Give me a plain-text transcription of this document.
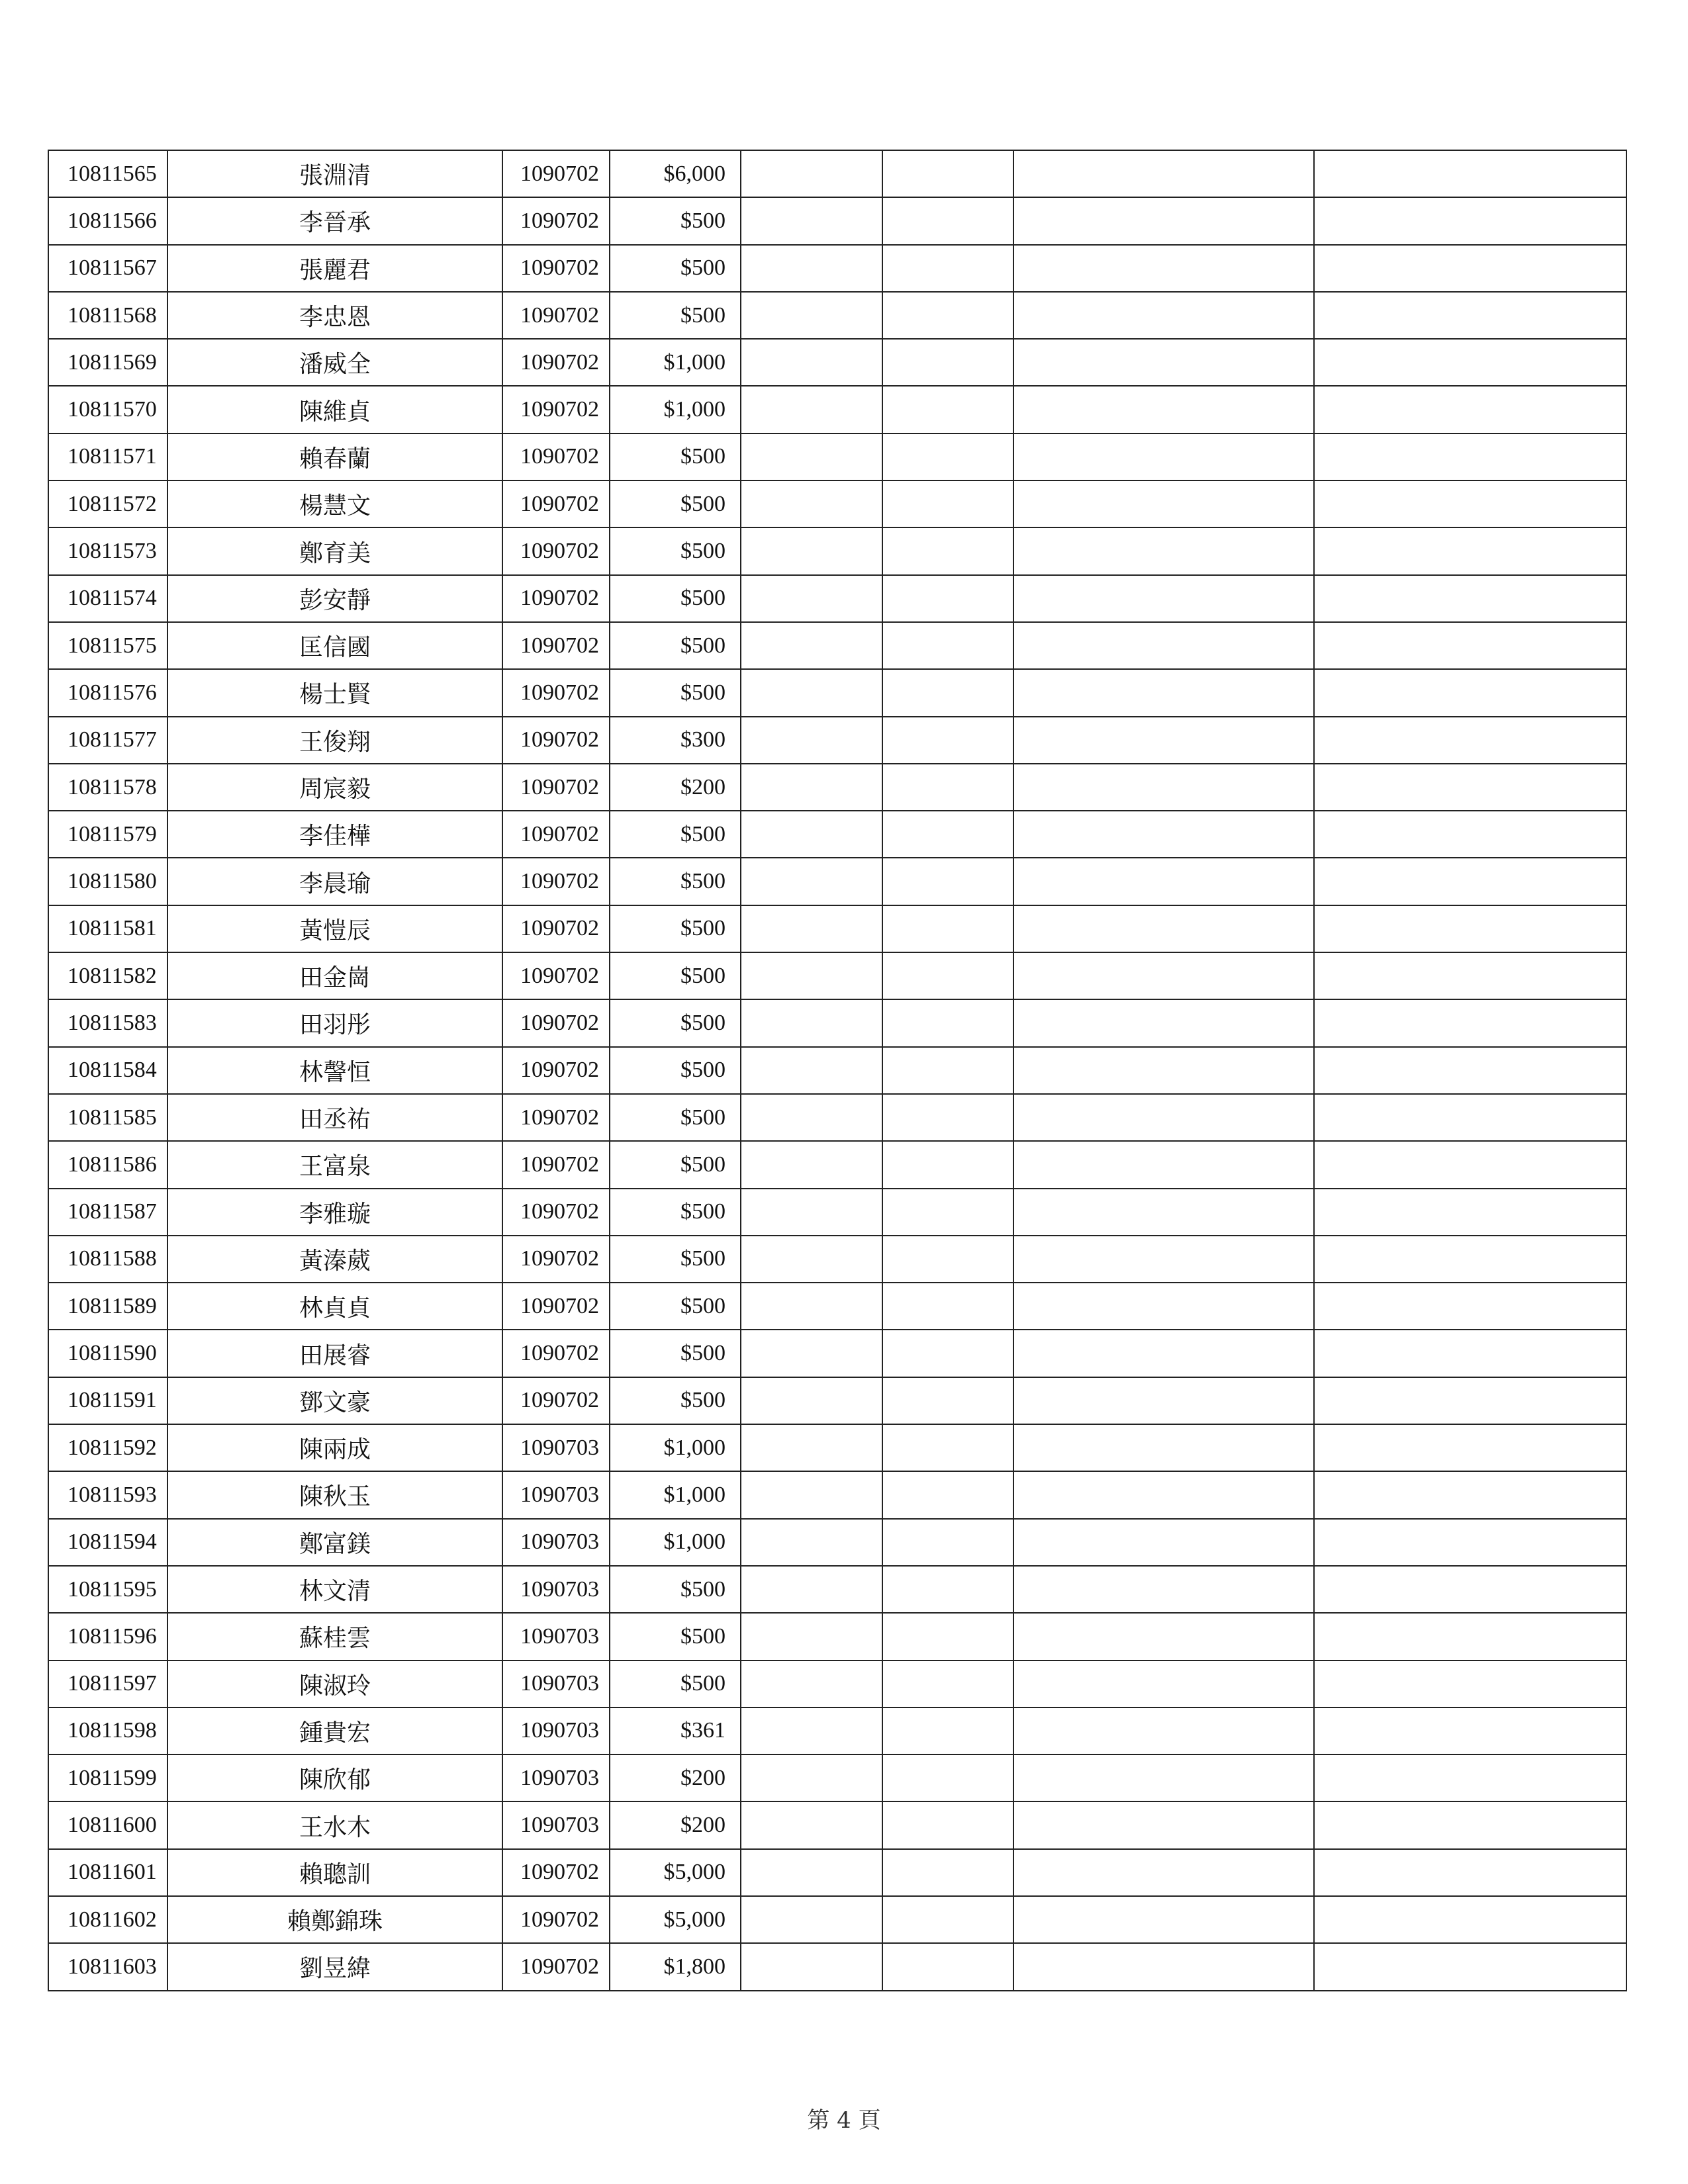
10811565	張淵清	1090702	$6,000				
10811566	李晉承	1090702	$500				
10811567	張麗君	1090702	$500				
10811568	李忠恩	1090702	$500				
10811569	潘威全	1090702	$1,000				
10811570	陳維貞	1090702	$1,000				
10811571	賴春蘭	1090702	$500				
10811572	楊慧文	1090702	$500				
10811573	鄭育美	1090702	$500				
10811574	彭安靜	1090702	$500				
10811575	匡信國	1090702	$500				
10811576	楊士賢	1090702	$500				
10811577	王俊翔	1090702	$300				
10811578	周宸毅	1090702	$200				
10811579	李佳樺	1090702	$500				
10811580	李晨瑜	1090702	$500				
10811581	黃愷辰	1090702	$500				
10811582	田金崗	1090702	$500				
10811583	田羽彤	1090702	$500				
10811584	林謦恒	1090702	$500				
10811585	田丞祐	1090702	$500				
10811586	王富泉	1090702	$500				
10811587	李雅璇	1090702	$500				
10811588	黃溱葳	1090702	$500				
10811589	林貞貞	1090702	$500				
10811590	田展睿	1090702	$500				
10811591	鄧文豪	1090702	$500				
10811592	陳兩成	1090703	$1,000				
10811593	陳秋玉	1090703	$1,000				
10811594	鄭富鎂	1090703	$1,000				
10811595	林文清	1090703	$500				
10811596	蘇桂雲	1090703	$500				
10811597	陳淑玲	1090703	$500				
10811598	鍾貴宏	1090703	$361				
10811599	陳欣郁	1090703	$200				
10811600	王水木	1090703	$200				
10811601	賴聰訓	1090702	$5,000				
10811602	賴鄭錦珠	1090702	$5,000				
10811603	劉昱緯	1090702	$1,800				
第 4 頁
